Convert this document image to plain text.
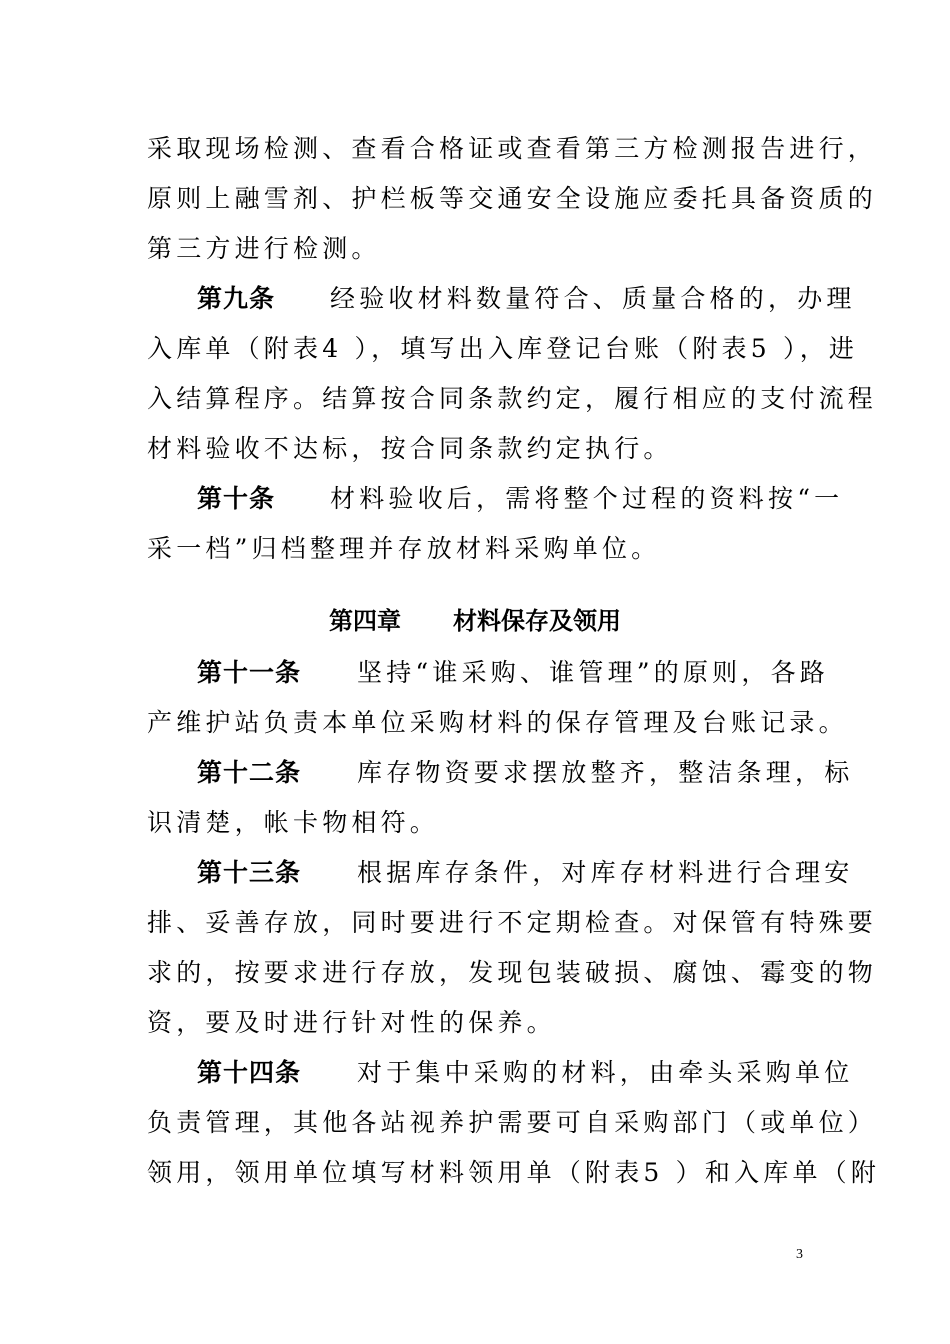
采取现场检测、查看合格证或查看第三方检测报告进行，
原则上融雪剂、护栏板等交通安全设施应委托具备资质的
第三方进行检测。
第九条 经验收材料数量符合、质量合格的，办理
入库单（附表4 ），填写出入库登记台账（附表5 ），进
入结算程序。结算按合同条款约定，履行相应的支付流程
材料验收不达标，按合同条款约定执行。
第十条 材料验收后，需将整个过程的资料按“一
采一档”归档整理并存放材料采购单位。
第四章 材料保存及领用
第十一条 坚持“谁采购、谁管理”的原则，各路
产维护站负责本单位采购材料的保存管理及台账记录。
第十二条 库存物资要求摆放整齐，整洁条理，标
识清楚，帐卡物相符。
第十三条 根据库存条件，对库存材料进行合理安
排、妥善存放，同时要进行不定期检查。对保管有特殊要
求的，按要求进行存放，发现包装破损、腐蚀、霉变的物
资，要及时进行针对性的保养。
第十四条 对于集中采购的材料，由牵头采购单位
负责管理，其他各站视养护需要可自采购部门（或单位）
领用，领用单位填写材料领用单（附表5 ）和入库单（附
3
